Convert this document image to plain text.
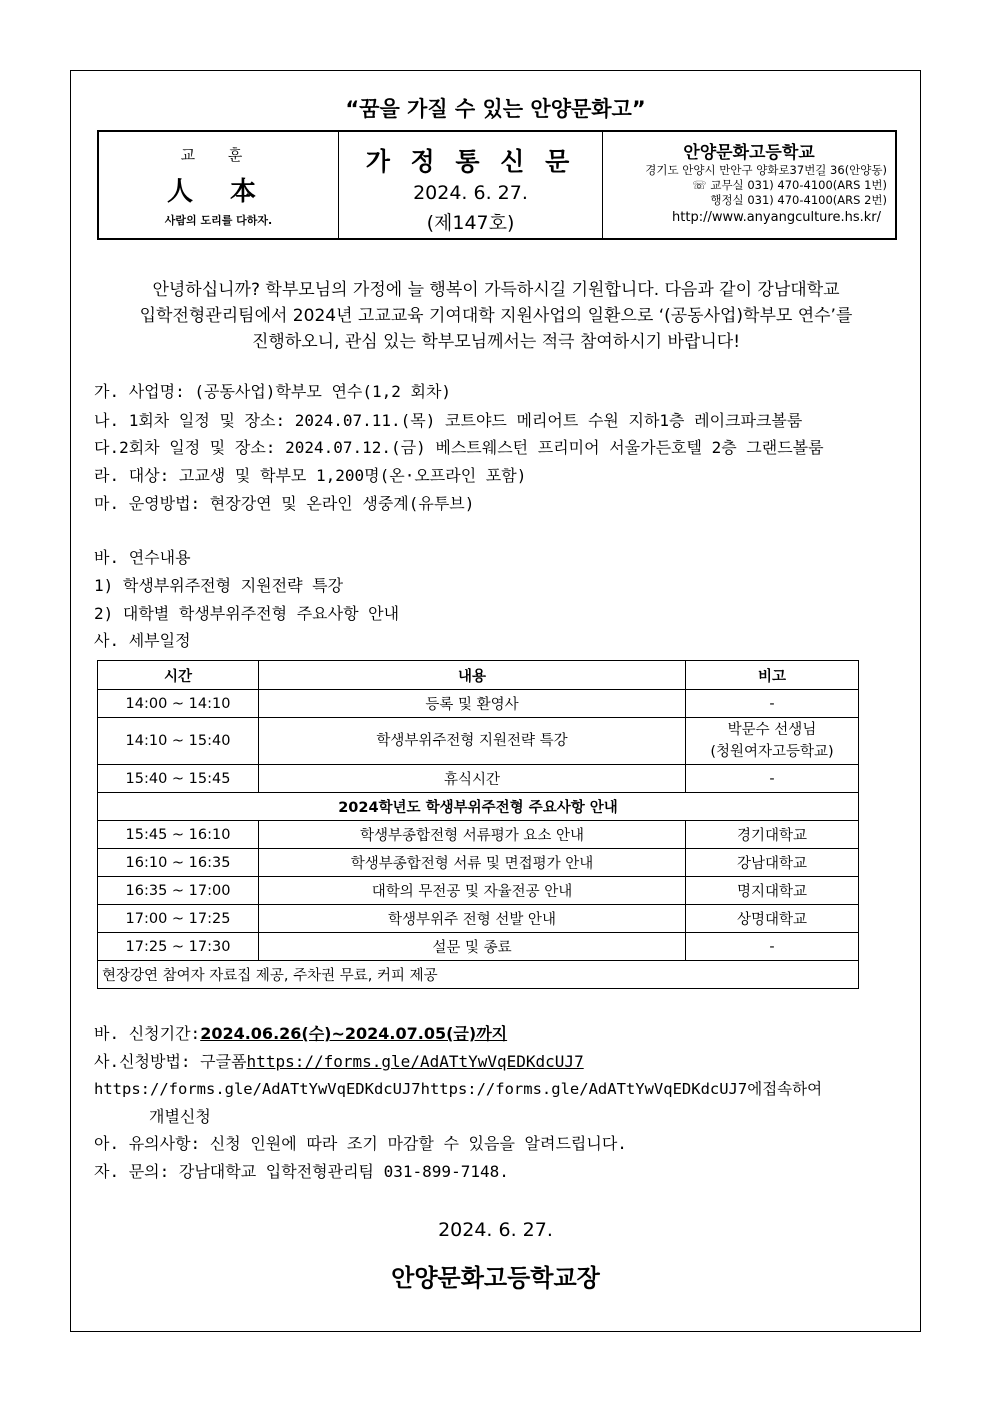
“꿈을 가질 수 있는 안양문화고”
교 훈
人 本
사람의 도리를 다하자.
가 정 통 신 문
2024. 6. 27.
(제147호)
안양문화고등학교
경기도 안양시 만안구 양화로37번길 36(안양동)
☏ 교무실 031) 470-4100(ARS 1번)
행정실 031) 470-4100(ARS 2번)
http://www.anyangculture.hs.kr/
안녕하십니까? 학부모님의 가정에 늘 행복이 가득하시길 기원합니다. 다음과 같이 강남대학교
입학전형관리팀에서 2024년 고교교육 기여대학 지원사업의 일환으로 ‘(공동사업)학부모 연수’를
진행하오니, 관심 있는 학부모님께서는 적극 참여하시기 바랍니다!
가. 사업명: (공동사업)학부모 연수(1,2 회차)
나. 1회차 일정 및 장소: 2024.07.11.(목) 코트야드 메리어트 수원 지하1층 레이크파크볼룸
다.2회차 일정 및 장소: 2024.07.12.(금) 베스트웨스턴 프리미어 서울가든호텔 2층 그랜드볼룸
라. 대상: 고교생 및 학부모 1,200명(온·오프라인 포함)
마. 운영방법: 현장강연 및 온라인 생중계(유투브)
바. 연수내용
1) 학생부위주전형 지원전략 특강
2) 대학별 학생부위주전형 주요사항 안내
사. 세부일정
시간	내용	비고
14:00 ~ 14:10	등록 및 환영사	-
14:10 ~ 15:40	학생부위주전형 지원전략 특강	박문수 선생님
(청원여자고등학교)

15:40 ~ 15:45	휴식시간	-
2024학년도 학생부위주전형 주요사항 안내		
15:45 ~ 16:10	학생부종합전형 서류평가 요소 안내	경기대학교
16:10 ~ 16:35	학생부종합전형 서류 및 면접평가 안내	강남대학교
16:35 ~ 17:00	대학의 무전공 및 자율전공 안내	명지대학교
17:00 ~ 17:25	학생부위주 전형 선발 안내	상명대학교
17:25 ~ 17:30	설문 및 종료	-
현장강연 참여자 자료집 제공, 주차권 무료, 커피 제공		
바. 신청기간:2024.06.26(수)~2024.07.05(금)까지
사.신청방법: 구글폼https://forms.gle/AdATtYwVqEDKdcUJ7
https://forms.gle/AdATtYwVqEDKdcUJ7https://forms.gle/AdATtYwVqEDKdcUJ7에접속하여
개별신청
아. 유의사항: 신청 인원에 따라 조기 마감할 수 있음을 알려드립니다.
자. 문의: 강남대학교 입학전형관리팀 031-899-7148.
2024. 6. 27.
안양문화고등학교장
